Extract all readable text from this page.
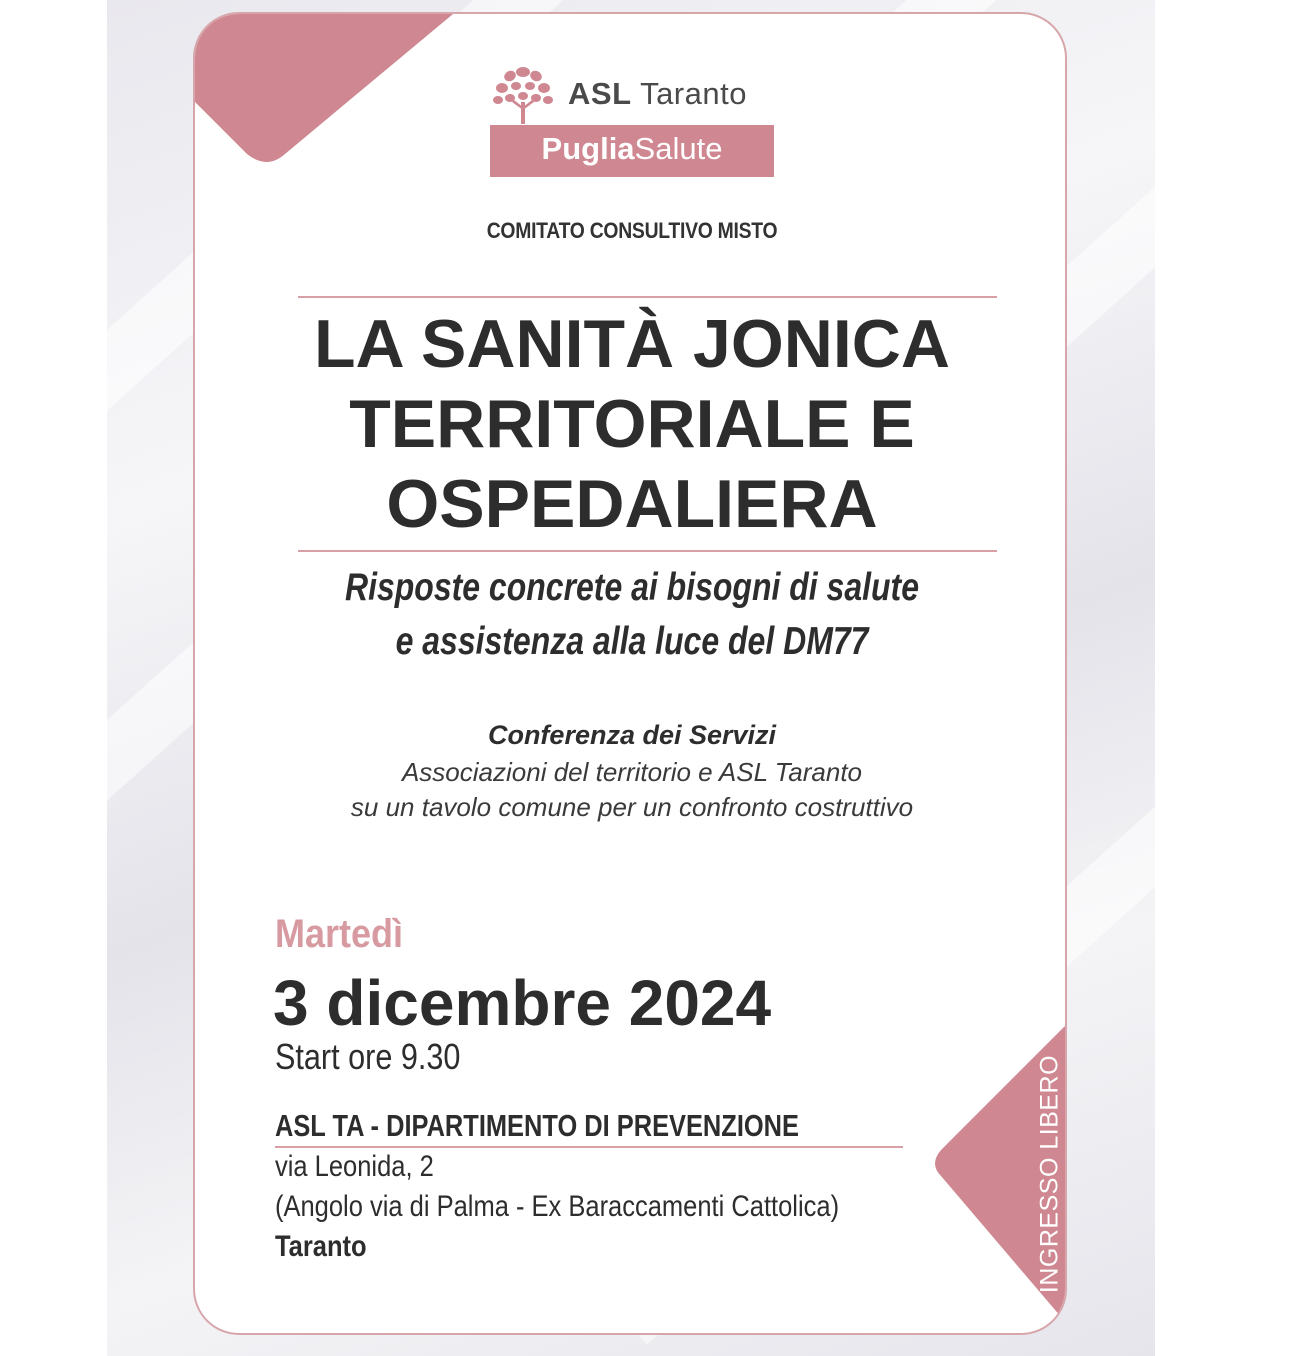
ASL Taranto
PugliaSalute
COMITATO CONSULTIVO MISTO
LA SANITÀ JONICA
TERRITORIALE E
OSPEDALIERA
Risposte concrete ai bisogni di salute
e assistenza alla luce del DM77
Conferenza dei Servizi
Associazioni del territorio e ASL Taranto
su un tavolo comune per un confronto costruttivo
Martedì
3 dicembre 2024
Start ore 9.30
ASL TA - DIPARTIMENTO DI PREVENZIONE
via Leonida, 2
(Angolo via di Palma - Ex Baraccamenti Cattolica)
Taranto	INGRESSO LIBERO
